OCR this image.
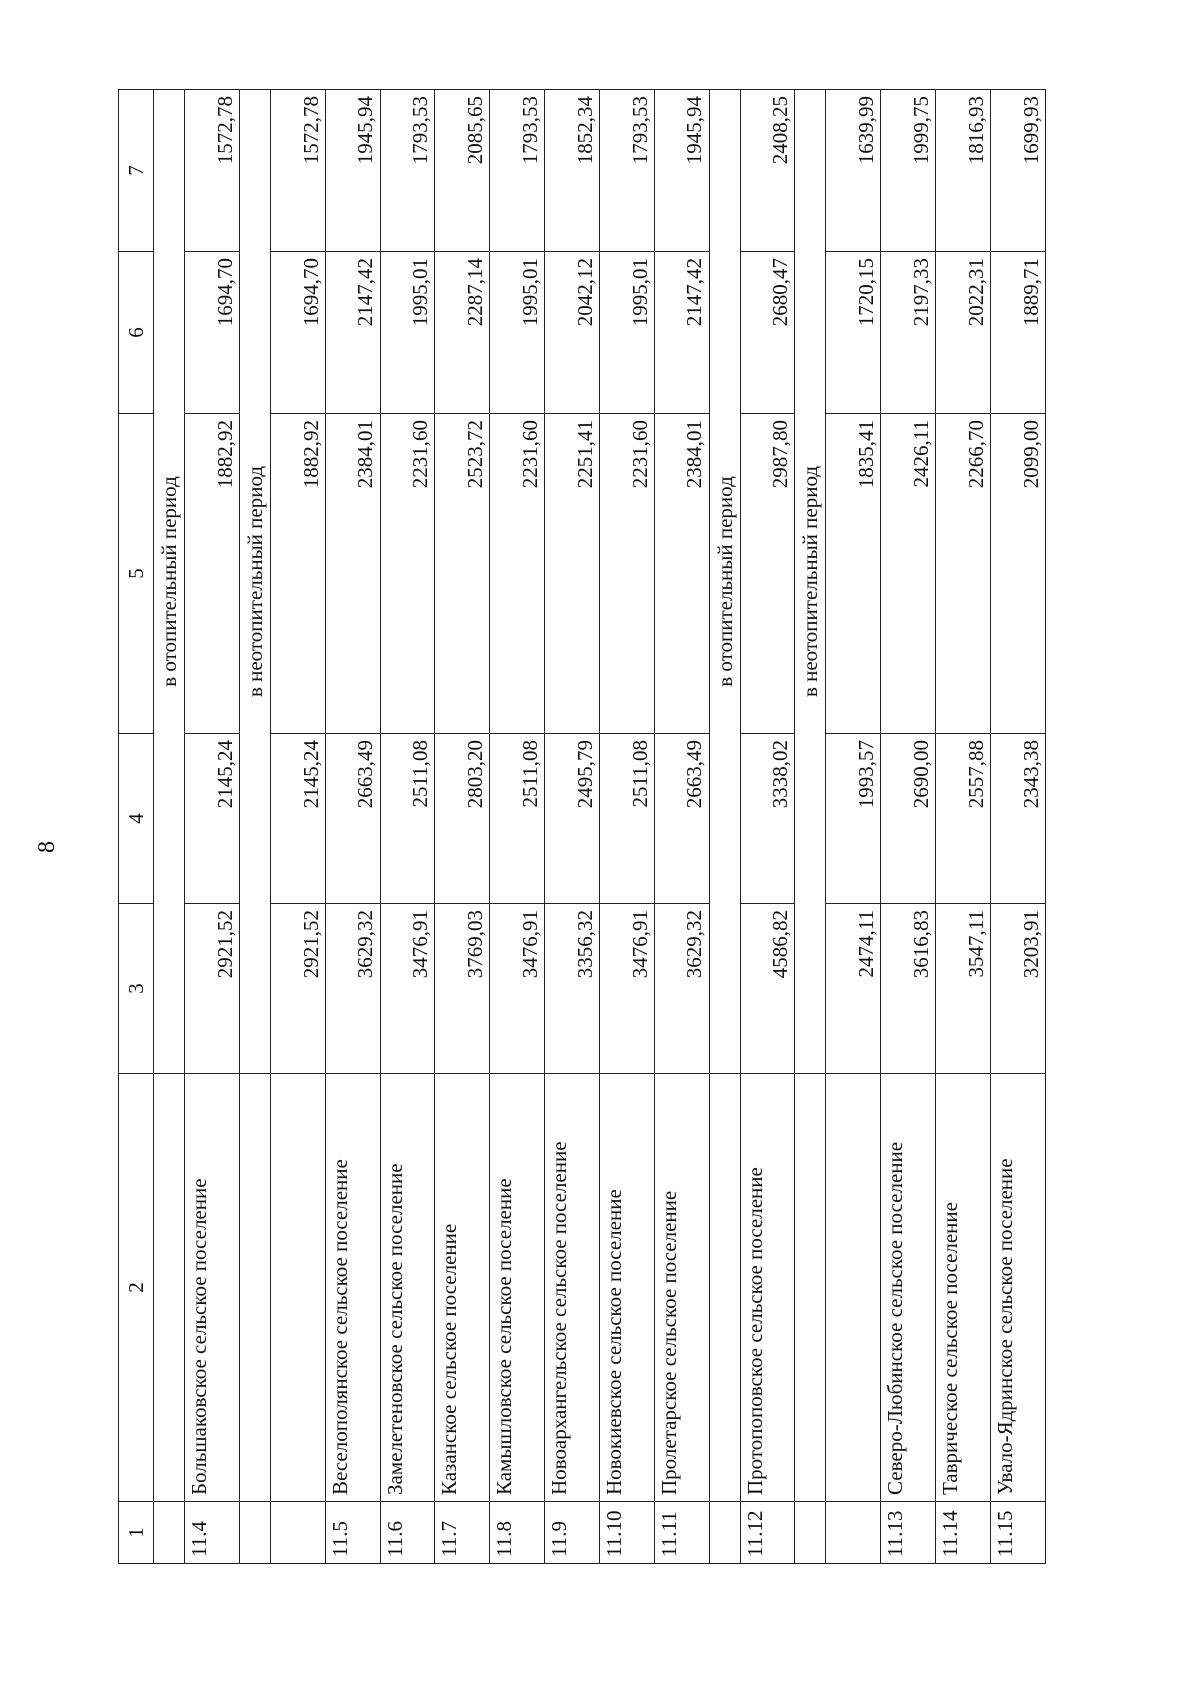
8
1	2	3	4	5	6	7
		в отопительный период				
11.4	Большаковское сельское поселение	2921,52	2145,24	1882,92	1694,70	1572,78
		в неотопительный период				
		2921,52	2145,24	1882,92	1694,70	1572,78
11.5	Веселополянское сельское поселение	3629,32	2663,49	2384,01	2147,42	1945,94
11.6	Замелетеновское сельское поселение	3476,91	2511,08	2231,60	1995,01	1793,53
11.7	Казанское сельское поселение	3769,03	2803,20	2523,72	2287,14	2085,65
11.8	Камышловское сельское поселение	3476,91	2511,08	2231,60	1995,01	1793,53
11.9	Новоархангельское сельское поселение	3356,32	2495,79	2251,41	2042,12	1852,34
11.10	Новокиевское сельское поселение	3476,91	2511,08	2231,60	1995,01	1793,53
11.11	Пролетарское сельское поселение	3629,32	2663,49	2384,01	2147,42	1945,94
		в отопительный период				
11.12	Протопоповское сельское поселение	4586,82	3338,02	2987,80	2680,47	2408,25
		в неотопительный период				
		2474,11	1993,57	1835,41	1720,15	1639,99
11.13	Северо-Любинское сельское поселение	3616,83	2690,00	2426,11	2197,33	1999,75
11.14	Таврическое сельское поселение	3547,11	2557,88	2266,70	2022,31	1816,93
11.15	Увало-Ядринское сельское поселение	3203,91	2343,38	2099,00	1889,71	1699,93
